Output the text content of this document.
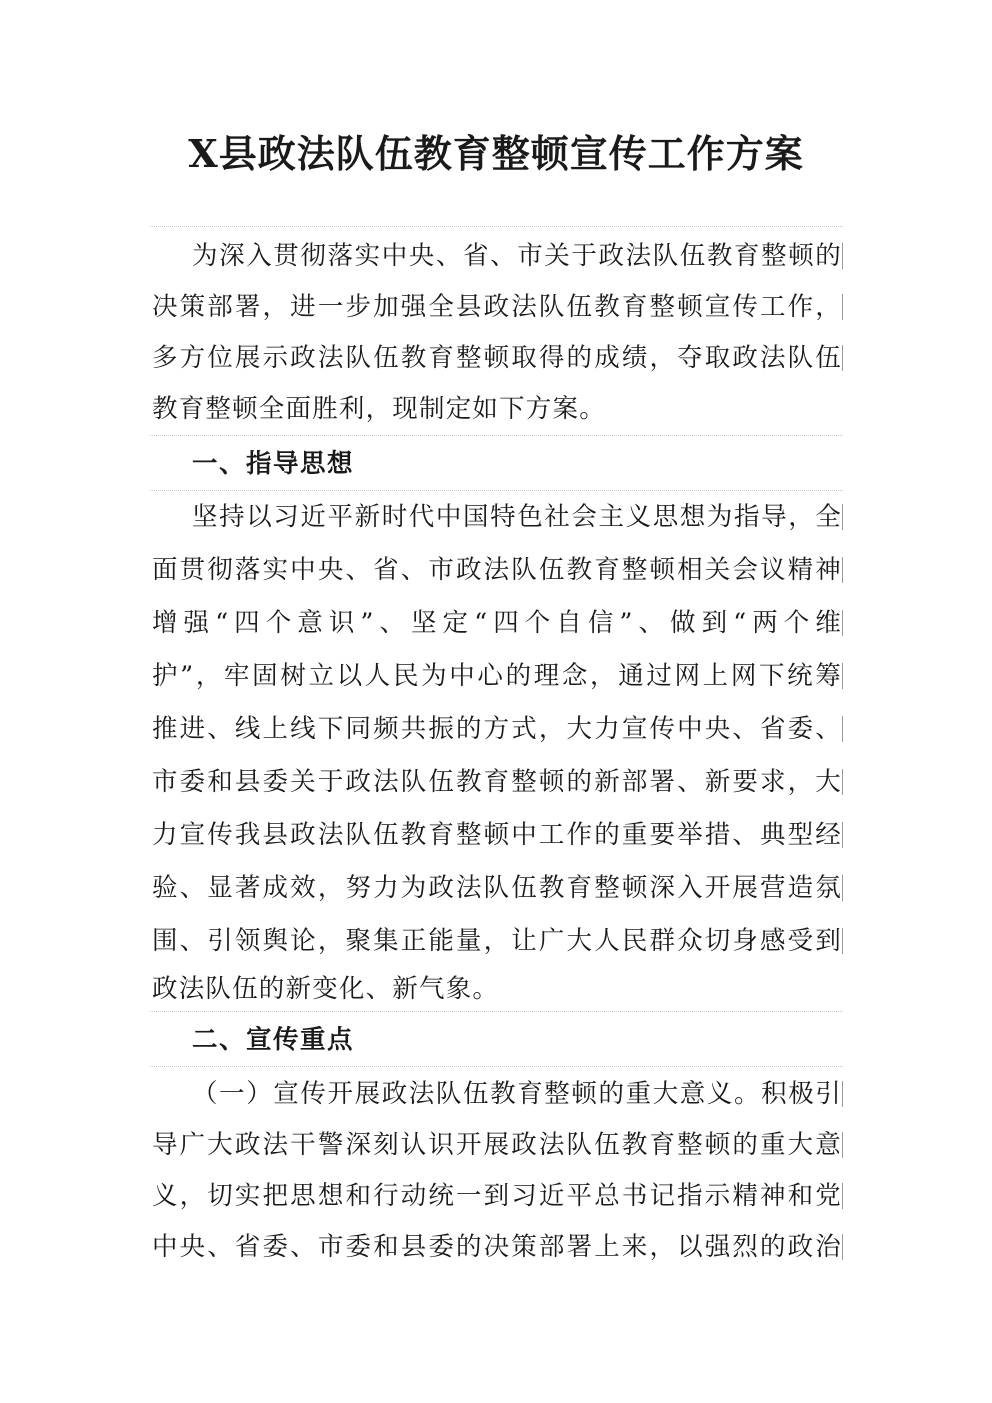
X县政法队伍教育整顿宣传工作方案
为深入贯彻落实中央、省、市关于政法队伍教育整顿的
决策部署，进一步加强全县政法队伍教育整顿宣传工作，
多方位展示政法队伍教育整顿取得的成绩，夺取政法队伍
教育整顿全面胜利，现制定如下方案。
一、指导思想
坚持以习近平新时代中国特色社会主义思想为指导，全
面贯彻落实中央、省、市政法队伍教育整顿相关会议精神
增强“四个意识”、坚定“四个自信”、做到“两个维
护”，牢固树立以人民为中心的理念，通过网上网下统筹
推进、线上线下同频共振的方式，大力宣传中央、省委、
市委和县委关于政法队伍教育整顿的新部署、新要求，大
力宣传我县政法队伍教育整顿中工作的重要举措、典型经
验、显著成效，努力为政法队伍教育整顿深入开展营造氛
围、引领舆论，聚集正能量，让广大人民群众切身感受到
政法队伍的新变化、新气象。
二、宣传重点
（一）宣传开展政法队伍教育整顿的重大意义。积极引
导广大政法干警深刻认识开展政法队伍教育整顿的重大意
义，切实把思想和行动统一到习近平总书记指示精神和党
中央、省委、市委和县委的决策部署上来，以强烈的政治
